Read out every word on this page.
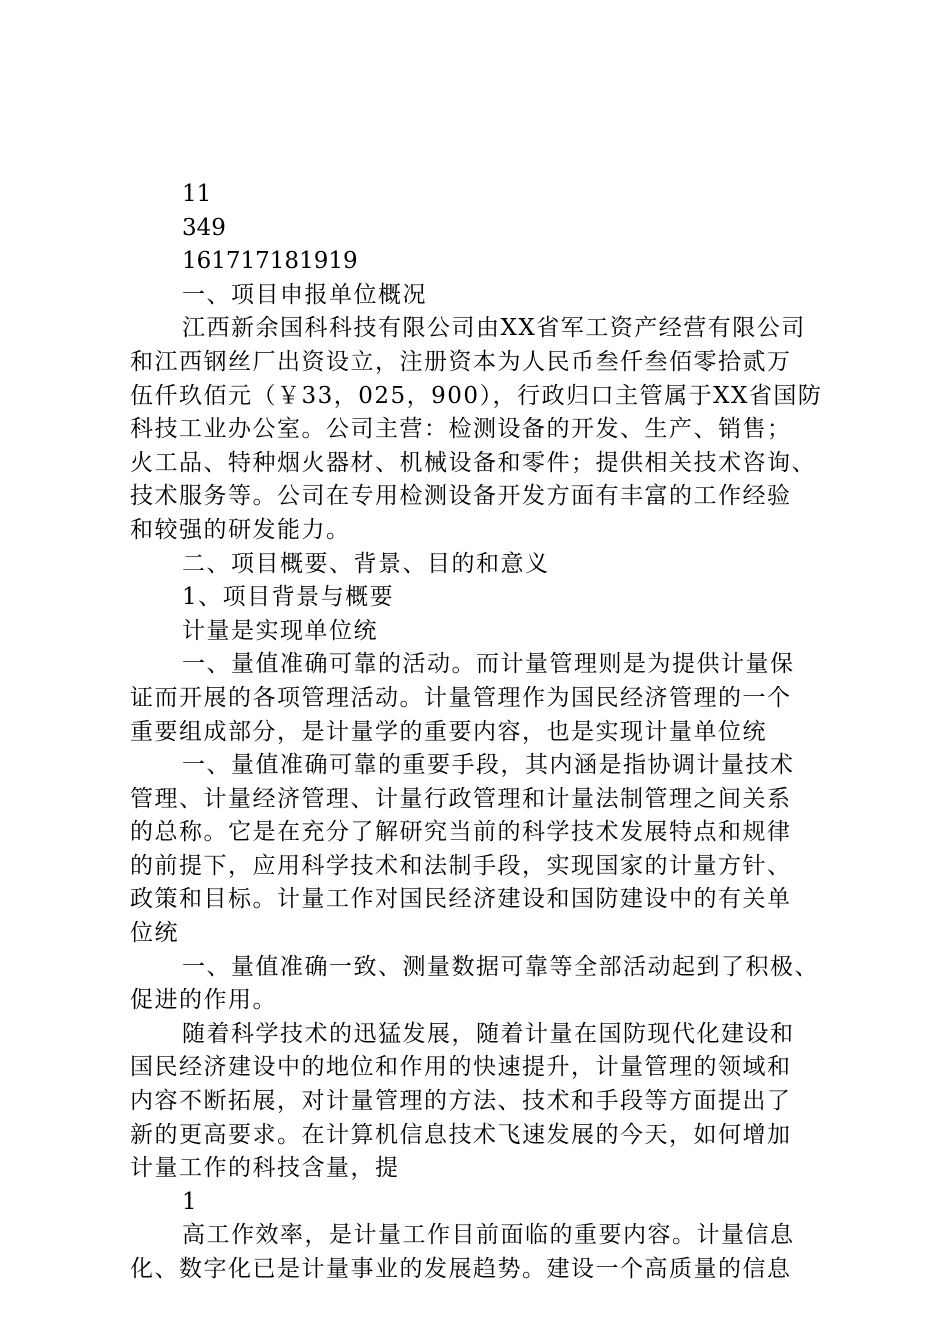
11
349
161717181919
一、项目申报单位概况
江西新余国科科技有限公司由XX省军工资产经营有限公司
和江西钢丝厂出资设立，注册资本为人民币叁仟叁佰零拾贰万
伍仟玖佰元（￥33，025，900），行政归口主管属于XX省国防
科技工业办公室。公司主营：检测设备的开发、生产、销售；
火工品、特种烟火器材、机械设备和零件；提供相关技术咨询、
技术服务等。公司在专用检测设备开发方面有丰富的工作经验
和较强的研发能力。
二、项目概要、背景、目的和意义
1、项目背景与概要
计量是实现单位统
一、量值准确可靠的活动。而计量管理则是为提供计量保
证而开展的各项管理活动。计量管理作为国民经济管理的一个
重要组成部分，是计量学的重要内容，也是实现计量单位统
一、量值准确可靠的重要手段，其内涵是指协调计量技术
管理、计量经济管理、计量行政管理和计量法制管理之间关系
的总称。它是在充分了解研究当前的科学技术发展特点和规律
的前提下，应用科学技术和法制手段，实现国家的计量方针、
政策和目标。计量工作对国民经济建设和国防建设中的有关单
位统
一、量值准确一致、测量数据可靠等全部活动起到了积极、
促进的作用。
随着科学技术的迅猛发展，随着计量在国防现代化建设和
国民经济建设中的地位和作用的快速提升，计量管理的领域和
内容不断拓展，对计量管理的方法、技术和手段等方面提出了
新的更高要求。在计算机信息技术飞速发展的今天，如何增加
计量工作的科技含量，提
1
高工作效率，是计量工作目前面临的重要内容。计量信息
化、数字化已是计量事业的发展趋势。建设一个高质量的信息
